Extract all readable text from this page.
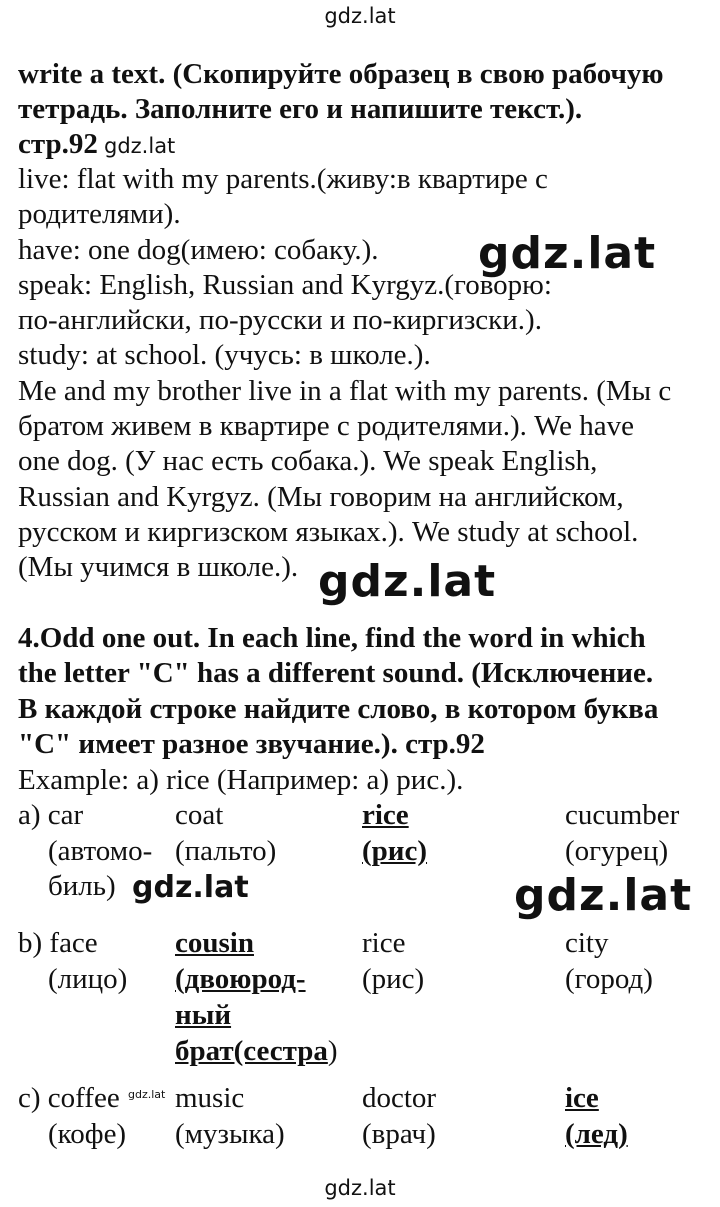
gdz.lat
gdz.lat
gdz.lat
gdz.lat
gdz.lat	gdz.lat
gdz.lat
gdz.lat
write a text. (Скопируйте образец в свою рабочую
тетрадь. Заполните его и напишите текст.).
стр.92
live: flat with my parents.(живу:в квартире с
родителями).
have: one dog(имею: собаку.).
speak: English, Russian and Kyrgyz.(говорю:
по-английски, по-русски и по-киргизски.).
study: at school. (учусь: в школе.).
Me and my brother live in a flat with my parents. (Мы с
братом живем в квартире с родителями.). We have
one dog. (У нас есть собака.). We speak English,
Russian and Kyrgyz. (Мы говорим на английском,
русском и киргизском языках.). We study at school.
(Мы учимся в школе.).
4.Odd one out. In each line, find the word in which
the letter "C" has a different sound. (Исключение.
В каждой строке найдите слово, в котором буква
"C" имеет разное звучание.). стр.92
Example: a) rice (Например: а) рис.).
a) car
(автомо-
биль)
coat
(пальто)
rice
(рис)
cucumber
(огурец)
b) face
(лицо)
cousin
(двоюрод-
ный
брат(сестра)
rice
(рис)
city
(город)
c) coffee
(кофе)
music
(музыка)
doctor
(врач)
ice
(лед)
